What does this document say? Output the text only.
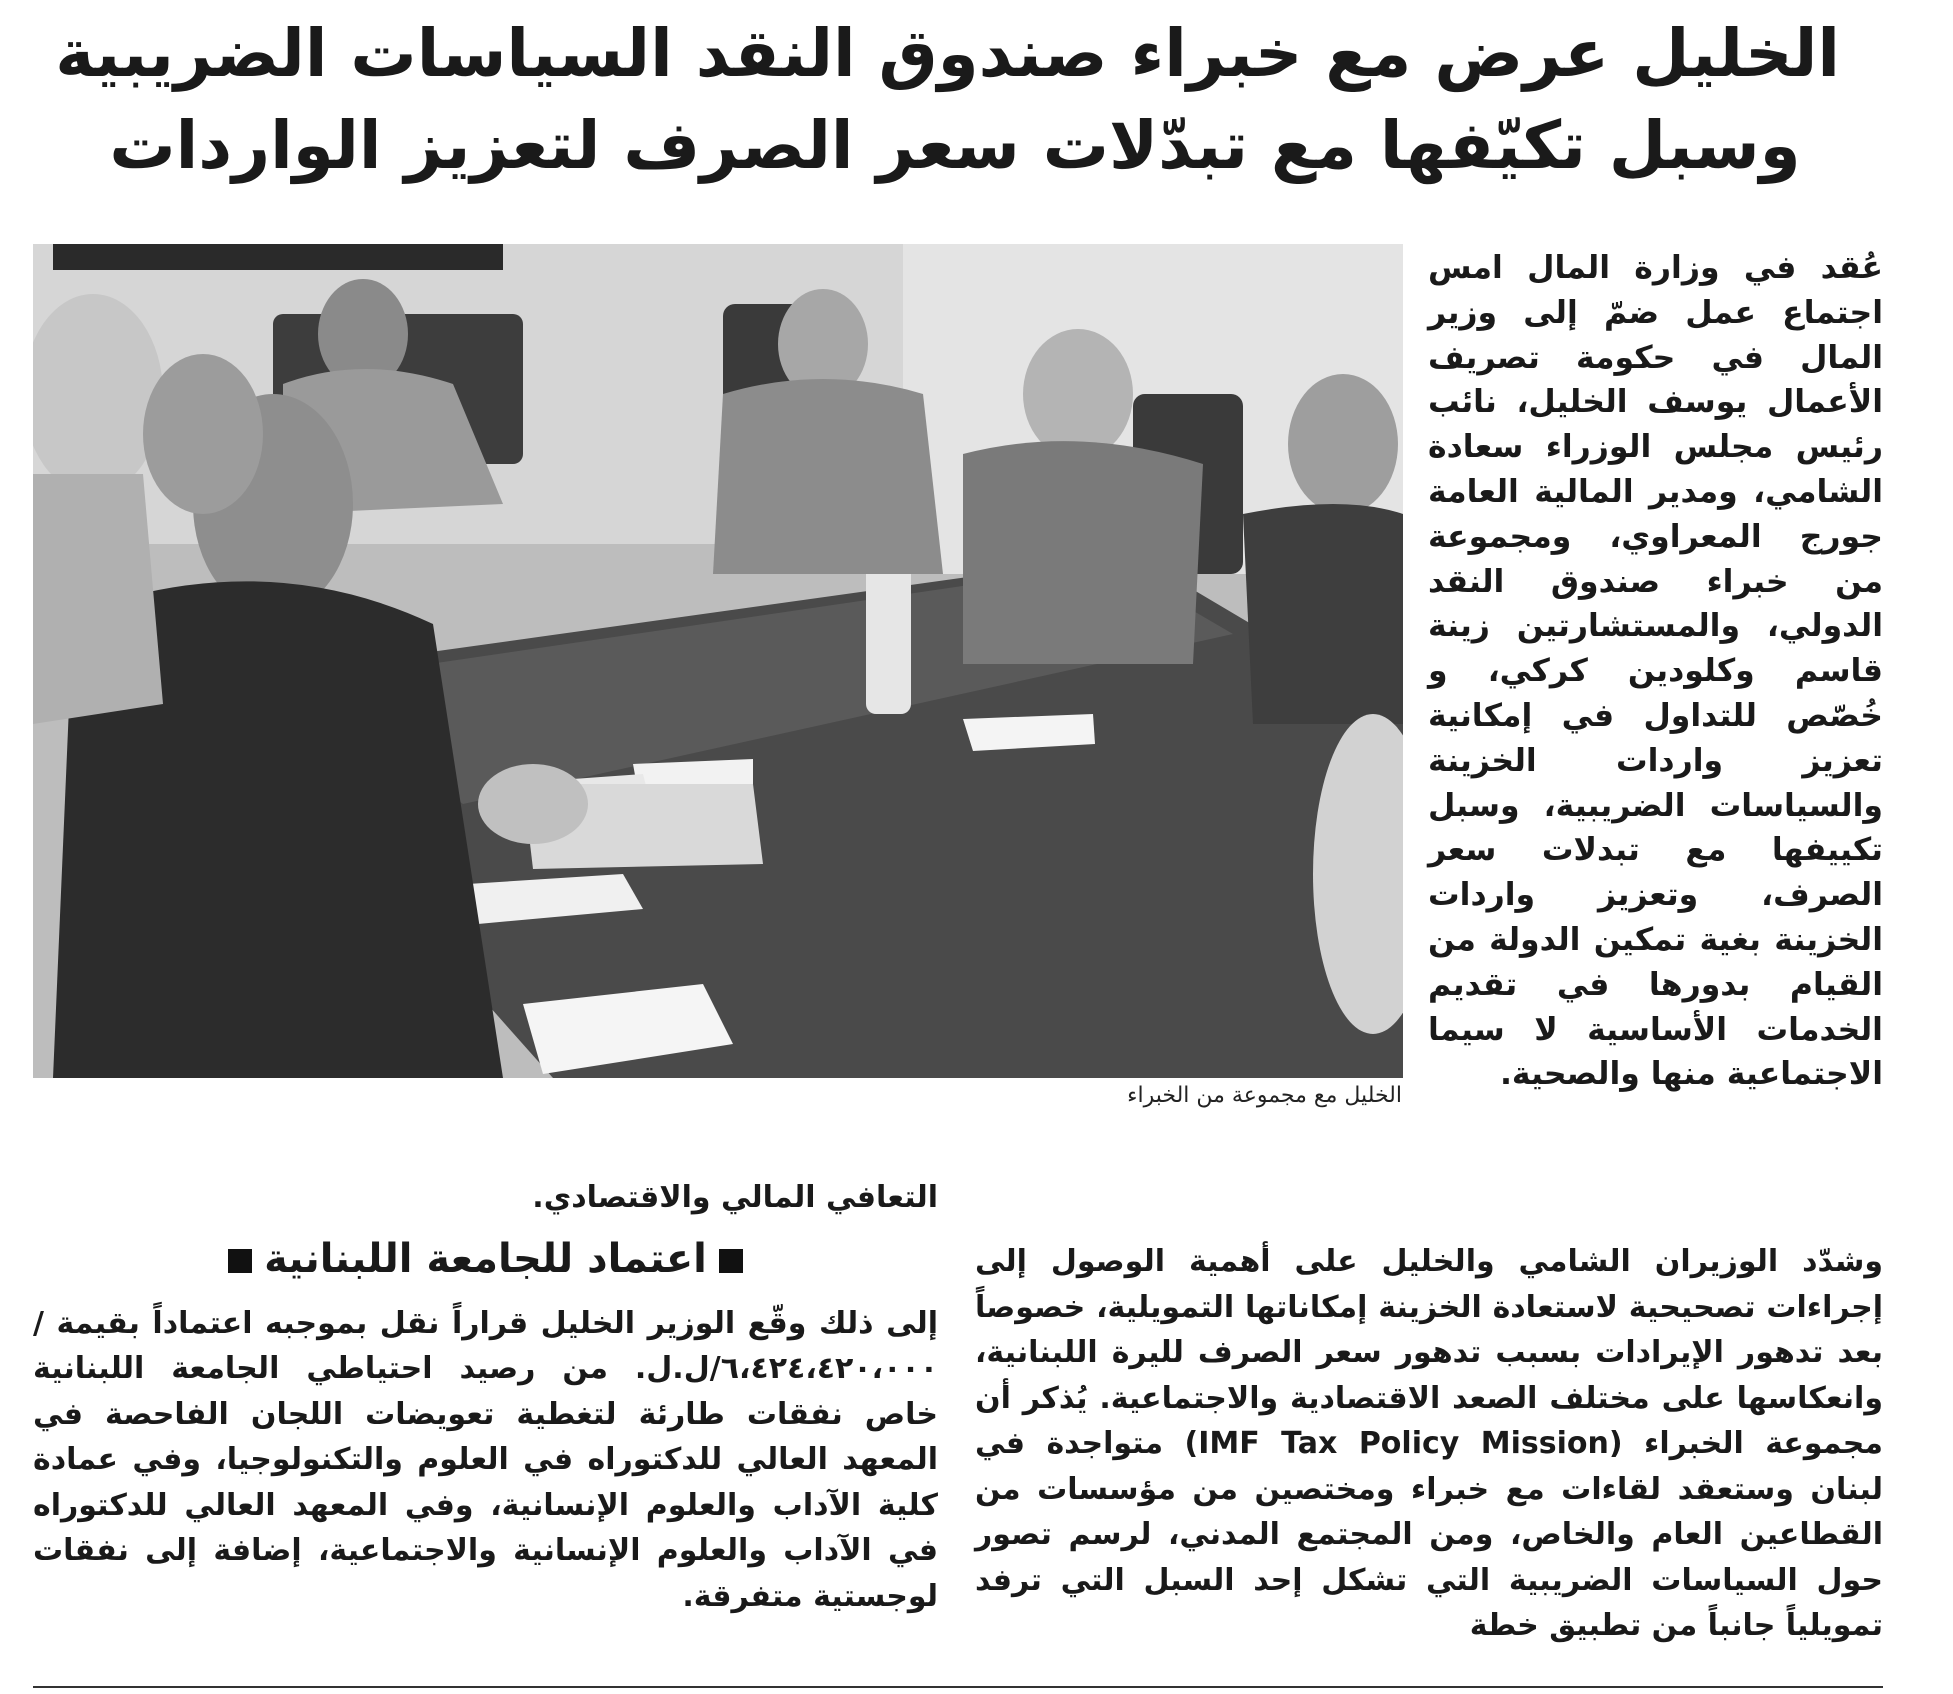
الخليل عرض مع خبراء صندوق النقد السياسات الضريبية
وسبل تكيّفها مع تبدّلات سعر الصرف لتعزيز الواردات
الخليل مع مجموعة من الخبراء

عُقد في وزارة المال امس اجتماع عمل ضمّ إلى وزير المال في حكومة تصريف الأعمال يوسف الخليل، نائب رئيس مجلس الوزراء سعادة الشامي، ومدير المالية العامة جورج المعراوي، ومجموعة من خبراء صندوق النقد الدولي، والمستشارتين زينة قاسم وكلودين كركي، و خُصّص للتداول في إمكانية تعزيز واردات الخزينة والسياسات الضريبية، وسبل تكييفها مع تبدلات سعر الصرف، وتعزيز واردات الخزينة بغية تمكين الدولة من القيام بدورها في تقديم الخدمات الأساسية لا سيما الاجتماعية منها والصحية.

وشدّد الوزيران الشامي والخليل على أهمية الوصول إلى إجراءات تصحيحية لاستعادة الخزينة إمكاناتها التمويلية، خصوصاً بعد تدهور الإيرادات بسبب تدهور سعر الصرف لليرة اللبنانية، وانعكاسها على مختلف الصعد الاقتصادية والاجتماعية. يُذكر أن مجموعة الخبراء (IMF Tax Policy Mission) متواجدة في لبنان وستعقد لقاءات مع خبراء ومختصين من مؤسسات من القطاعين العام والخاص، ومن المجتمع المدني، لرسم تصور حول السياسات الضريبية التي تشكل إحد السبل التي ترفد تمويلياً جانباً من تطبيق خطة

التعافي المالي والاقتصادي.

اعتماد للجامعة اللبنانية

إلى ذلك وقّع الوزير الخليل قراراً نقل بموجبه اعتماداً بقيمة /٦،٤٢٤،٤٢٠،٠٠٠/ل.ل. من رصيد احتياطي الجامعة اللبنانية خاص نفقات طارئة لتغطية تعويضات اللجان الفاحصة في المعهد العالي للدكتوراه في العلوم والتكنولوجيا، وفي عمادة كلية الآداب والعلوم الإنسانية، وفي المعهد العالي للدكتوراه في الآداب والعلوم الإنسانية والاجتماعية، إضافة إلى نفقات لوجستية متفرقة.
